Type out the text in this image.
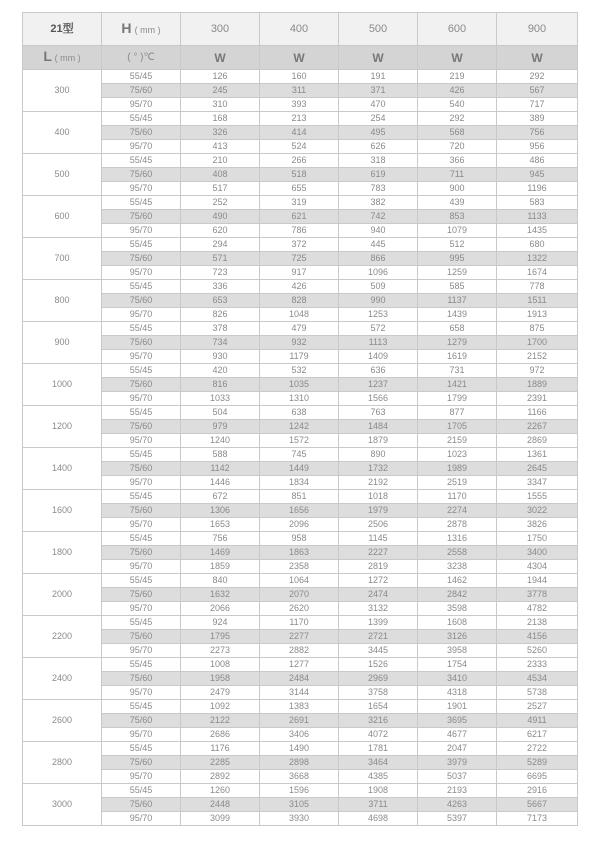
21型	H ( mm )	300	400	500	600	900
L ( mm )	( ° )℃	W	W	W	W	W
300	55/45	126	160	191	219	292
	75/60	245	311	371	426	567
	95/70	310	393	470	540	717
400	55/45	168	213	254	292	389
	75/60	326	414	495	568	756
	95/70	413	524	626	720	956
500	55/45	210	266	318	366	486
	75/60	408	518	619	711	945
	95/70	517	655	783	900	1196
600	55/45	252	319	382	439	583
	75/60	490	621	742	853	1133
	95/70	620	786	940	1079	1435
700	55/45	294	372	445	512	680
	75/60	571	725	866	995	1322
	95/70	723	917	1096	1259	1674
800	55/45	336	426	509	585	778
	75/60	653	828	990	1137	1511
	95/70	826	1048	1253	1439	1913
900	55/45	378	479	572	658	875
	75/60	734	932	1113	1279	1700
	95/70	930	1179	1409	1619	2152
1000	55/45	420	532	636	731	972
	75/60	816	1035	1237	1421	1889
	95/70	1033	1310	1566	1799	2391
1200	55/45	504	638	763	877	1166
	75/60	979	1242	1484	1705	2267
	95/70	1240	1572	1879	2159	2869
1400	55/45	588	745	890	1023	1361
	75/60	1142	1449	1732	1989	2645
	95/70	1446	1834	2192	2519	3347
1600	55/45	672	851	1018	1170	1555
	75/60	1306	1656	1979	2274	3022
	95/70	1653	2096	2506	2878	3826
1800	55/45	756	958	1145	1316	1750
	75/60	1469	1863	2227	2558	3400
	95/70	1859	2358	2819	3238	4304
2000	55/45	840	1064	1272	1462	1944
	75/60	1632	2070	2474	2842	3778
	95/70	2066	2620	3132	3598	4782
2200	55/45	924	1170	1399	1608	2138
	75/60	1795	2277	2721	3126	4156
	95/70	2273	2882	3445	3958	5260
2400	55/45	1008	1277	1526	1754	2333
	75/60	1958	2484	2969	3410	4534
	95/70	2479	3144	3758	4318	5738
2600	55/45	1092	1383	1654	1901	2527
	75/60	2122	2691	3216	3695	4911
	95/70	2686	3406	4072	4677	6217
2800	55/45	1176	1490	1781	2047	2722
	75/60	2285	2898	3464	3979	5289
	95/70	2892	3668	4385	5037	6695
3000	55/45	1260	1596	1908	2193	2916
	75/60	2448	3105	3711	4263	5667
	95/70	3099	3930	4698	5397	7173
